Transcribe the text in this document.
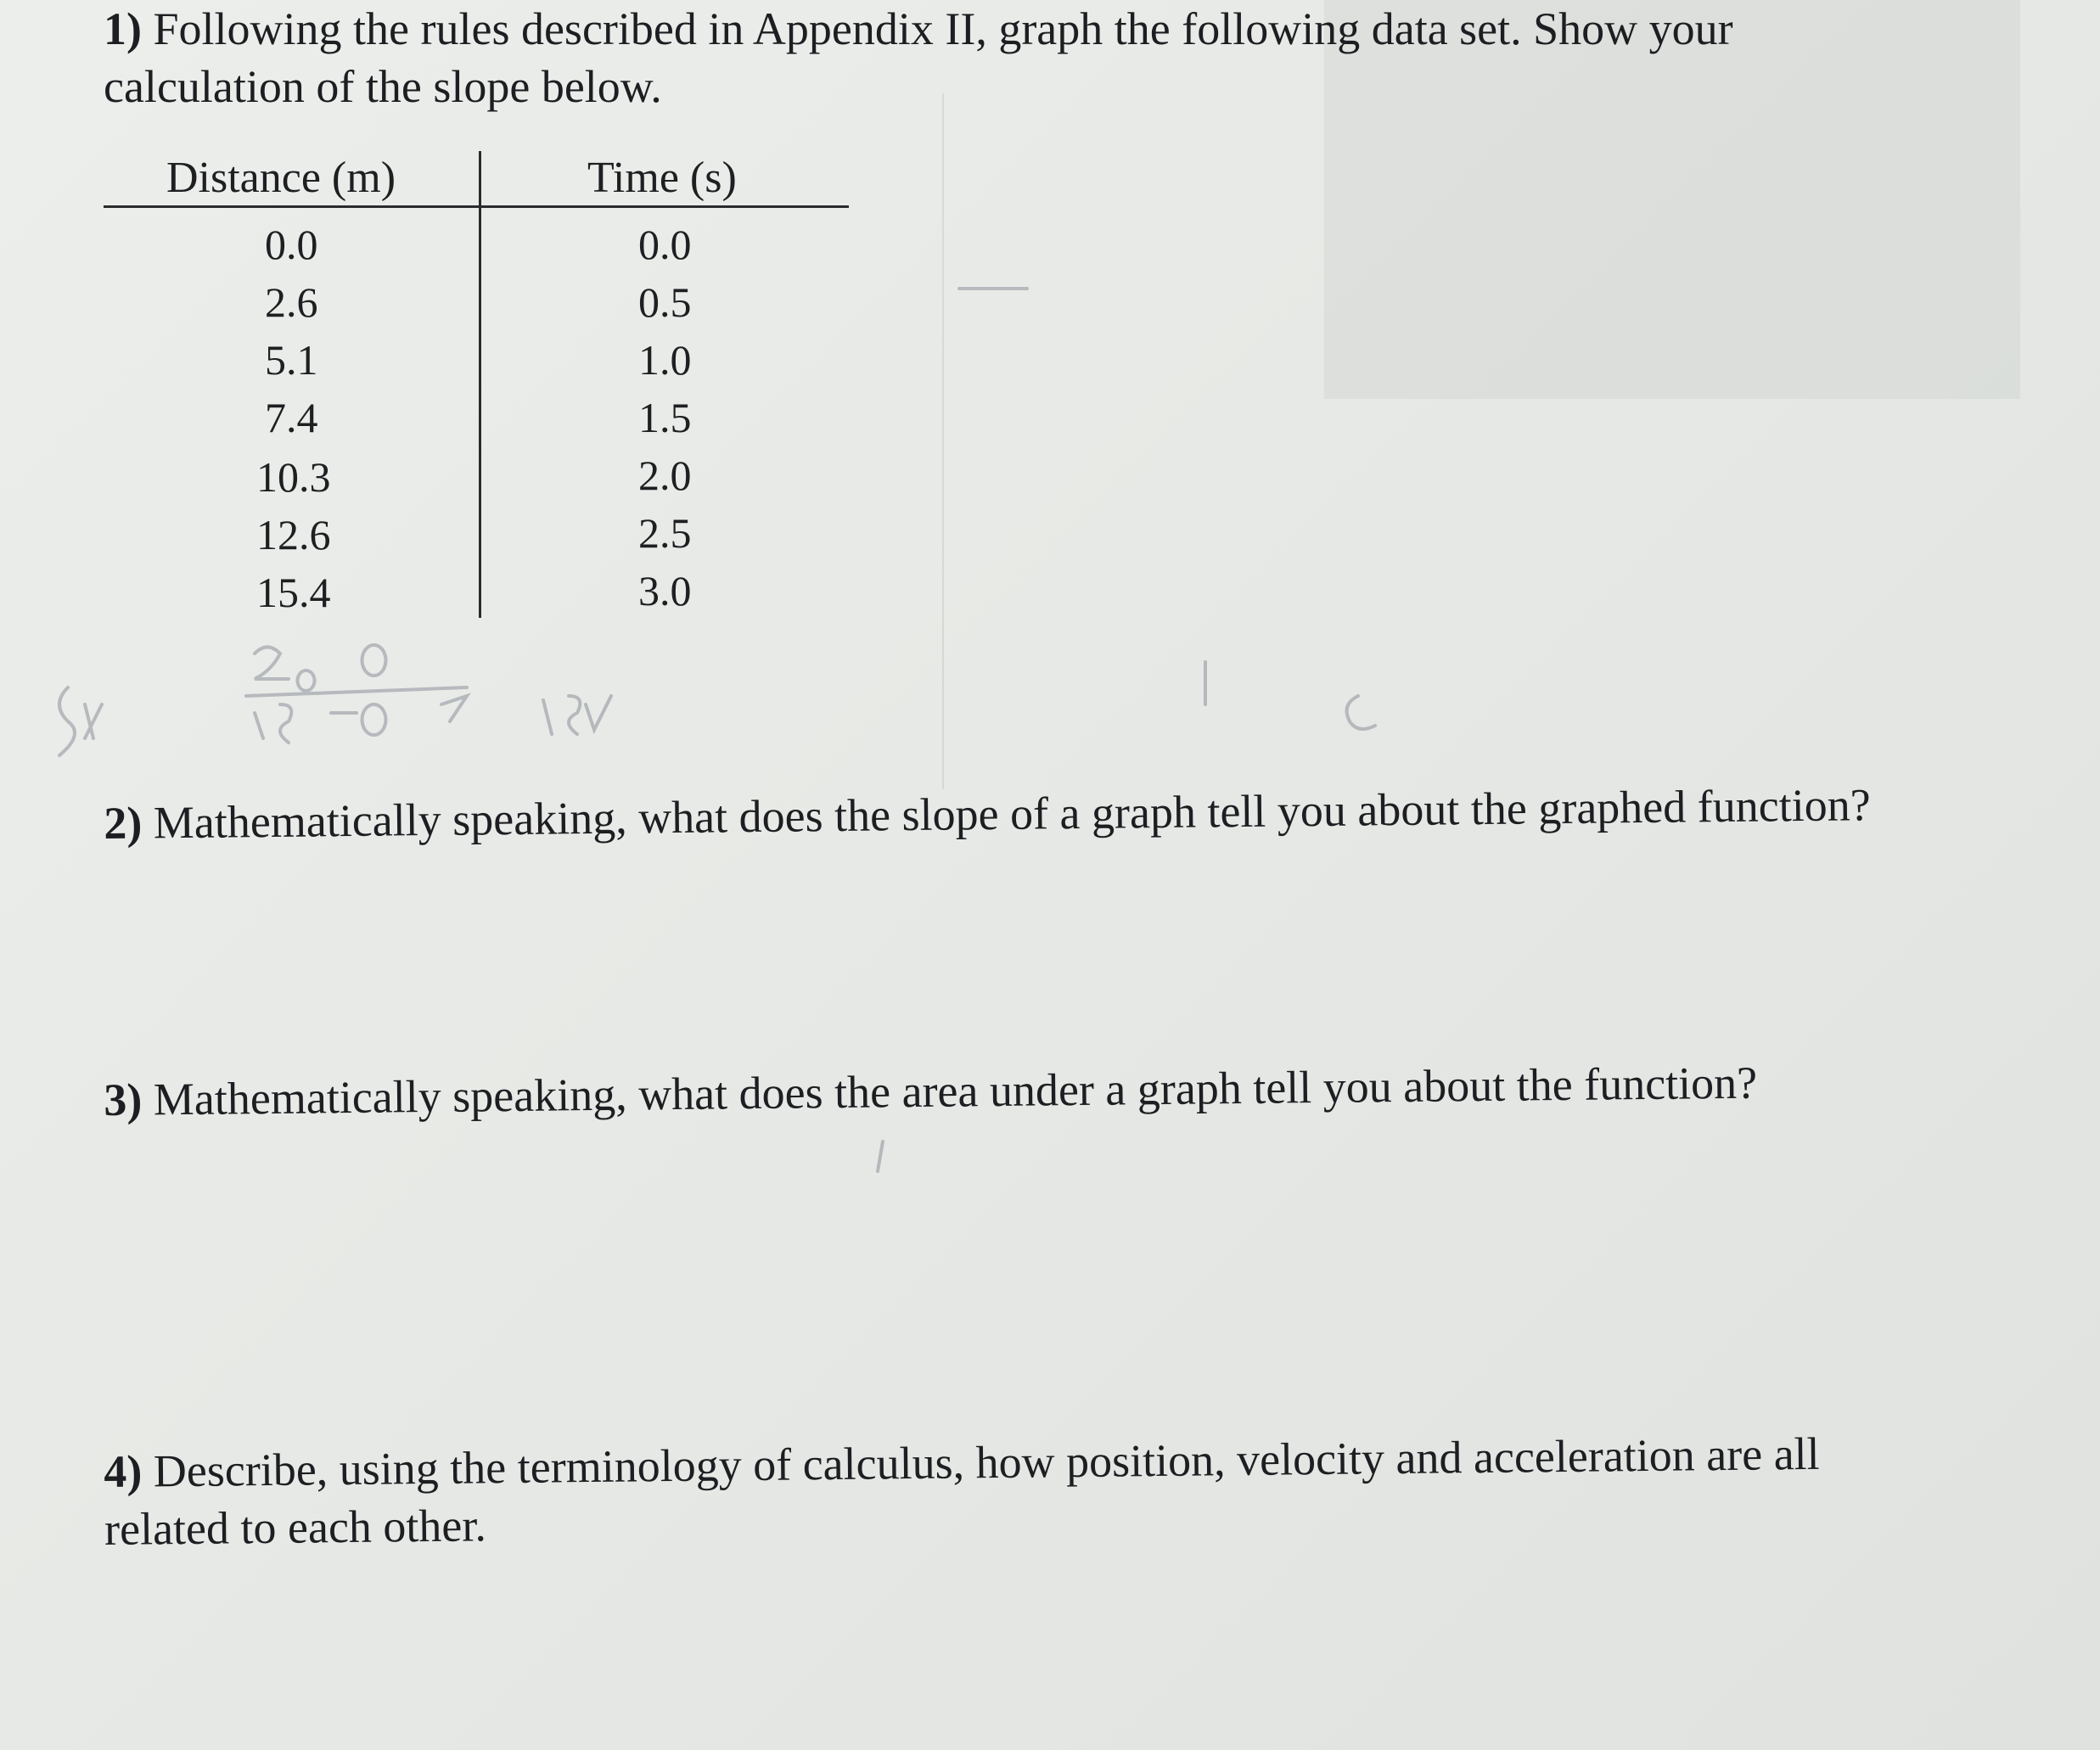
1) Following the rules described in Appendix II, graph the following data set. Show your calculation of the slope below.
Distance (m)	Time (s)
0.0	0.0
2.6	0.5
5.1	1.0
7.4	1.5
10.3	2.0
12.6	2.5
15.4	3.0
2) Mathematically speaking, what does the slope of a graph tell you about the graphed function?
3) Mathematically speaking, what does the area under a graph tell you about the function?
4) Describe, using the terminology of calculus, how position, velocity and acceleration are all related to each other.
